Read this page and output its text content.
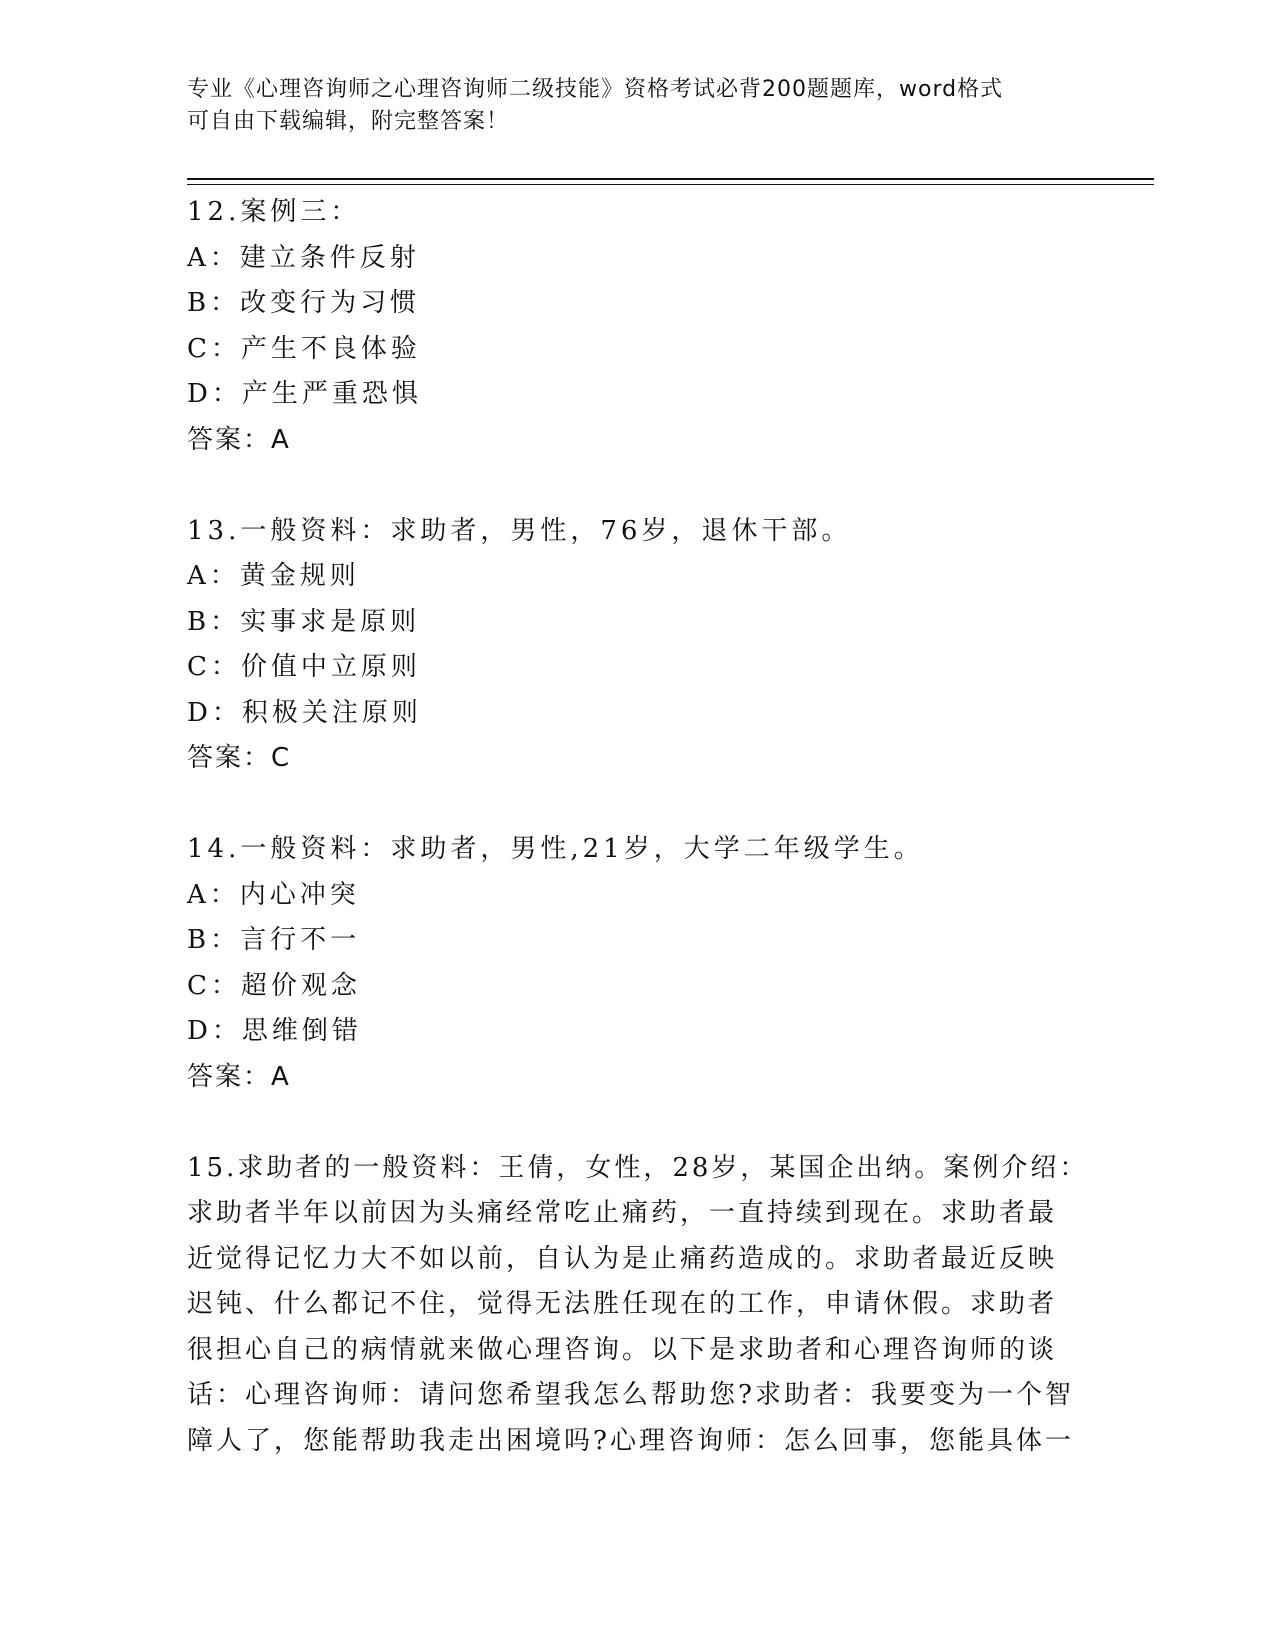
专业《心理咨询师之心理咨询师二级技能》资格考试必背200题题库，word格式
可自由下载编辑，附完整答案！
12.案例三：
A：建立条件反射
B：改变行为习惯
C：产生不良体验
D：产生严重恐惧
答案：A
13.一般资料：求助者，男性，76岁，退休干部。
A：黄金规则
B：实事求是原则
C：价值中立原则
D：积极关注原则
答案：C
14.一般资料：求助者，男性,21岁，大学二年级学生。
A：内心冲突
B：言行不一
C：超价观念
D：思维倒错
答案：A
15.求助者的一般资料：王倩，女性，28岁，某国企出纳。案例介绍：
求助者半年以前因为头痛经常吃止痛药，一直持续到现在。求助者最
近觉得记忆力大不如以前，自认为是止痛药造成的。求助者最近反映
迟钝、什么都记不住，觉得无法胜任现在的工作，申请休假。求助者
很担心自己的病情就来做心理咨询。以下是求助者和心理咨询师的谈
话：心理咨询师：请问您希望我怎么帮助您?求助者：我要变为一个智
障人了，您能帮助我走出困境吗?心理咨询师：怎么回事，您能具体一
